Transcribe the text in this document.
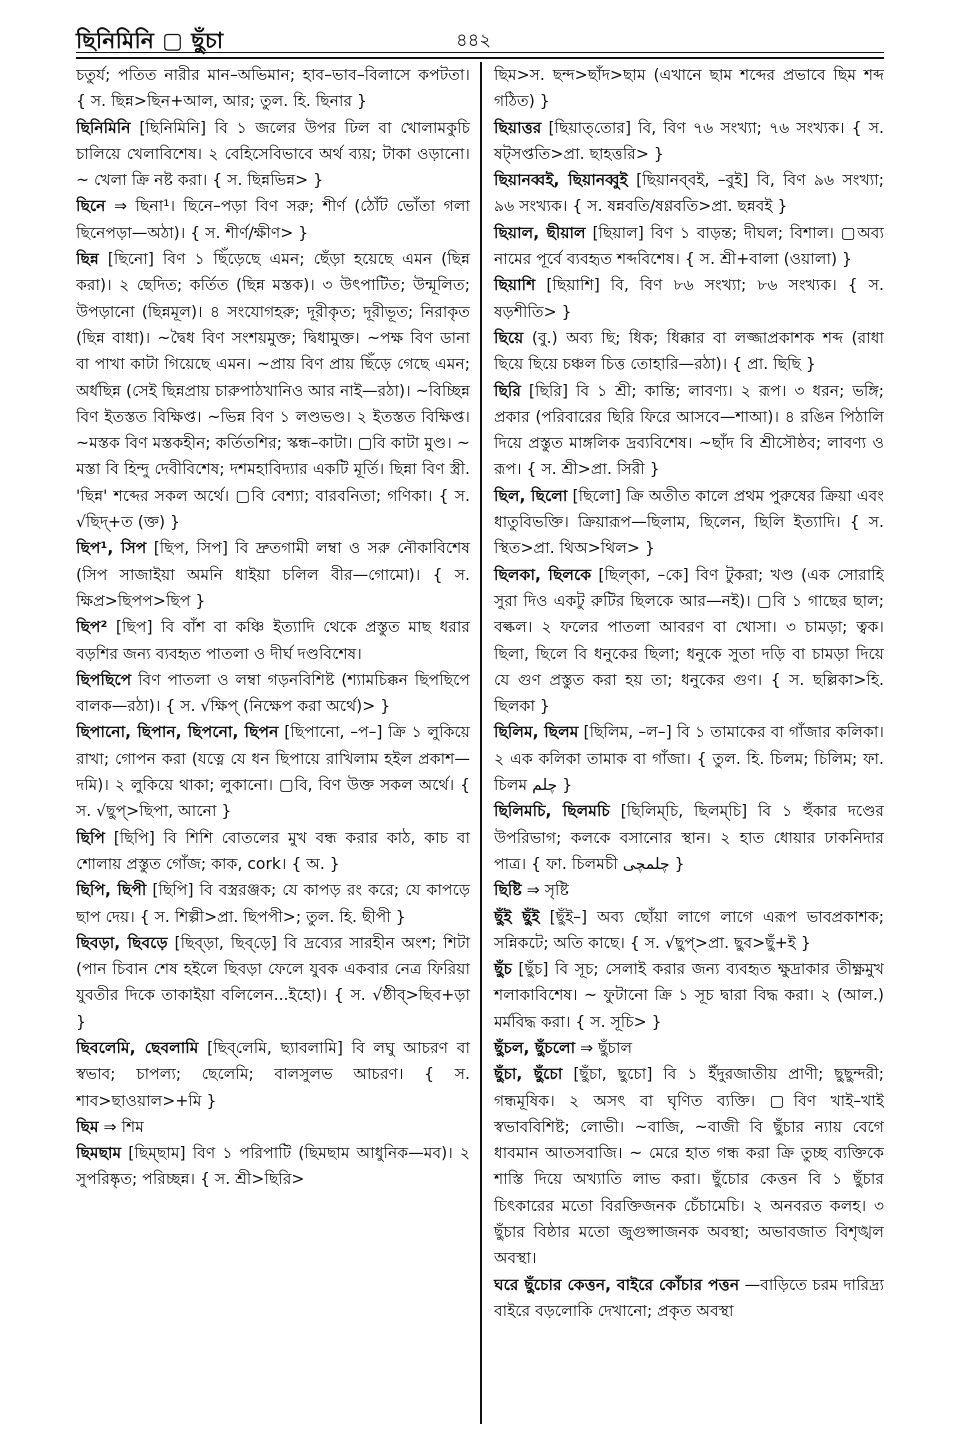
ছিনিমিনি ▢ ছুঁচা	৪৪২
চতুর্য; পতিত নারীর মান–অভিমান; হাব–ভাব–বিলাসে কপটতা। { স. ছিন্ন>ছিন+আল, আর; তুল. হি. ছিনার }
ছিনিমিনি [ছিনিমিনি] বি ১ জলের উপর ঢিল বা খোলামকুচি চালিয়ে খেলাবিশেষ। ২ বেহিসেবিভাবে অর্থ ব্যয়; টাকা ওড়ানো। ~ খেলা ক্রি নষ্ট করা। { স. ছিন্নভিন্ন> }
ছিনে ⇒ ছিনা¹। ছিনে–পড়া বিণ সরু; শীর্ণ (ঠোঁট ভোঁতা গলা ছিনেপড়া—অঠা)। { স. শীর্ণ/ক্ষীণ> }
ছিন্ন [ছিনো] বিণ ১ ছিঁড়েছে এমন; ছেঁড়া হয়েছে এমন (ছিন্ন করা)। ২ ছেদিত; কর্তিত (ছিন্ন মস্তক)। ৩ উৎপাটিত; উন্মূলিত; উপড়ানো (ছিন্নমূল)। ৪ সংযোগহরু; দূরীকৃত; দূরীভূত; নিরাকৃত (ছিন্ন বাধা)। ~দ্বৈধ বিণ সংশয়মুক্ত; দ্বিধামুক্ত। ~পক্ষ বিণ ডানা বা পাখা কাটা গিয়েছে এমন। ~প্রায় বিণ প্রায় ছিঁড়ে গেছে এমন; অর্ধছিন্ন (সেই ছিন্নপ্রায় চারুপাঠখানিও আর নাই—রঠা)। ~বিচ্ছিন্ন বিণ ইতস্তত বিক্ষিপ্ত। ~ভিন্ন বিণ ১ লণ্ডভণ্ড। ২ ইতস্তত বিক্ষিপ্ত। ~মস্তক বিণ মস্তকহীন; কর্তিতশির; স্কন্ধ–কাটা। ▢বি কাটা মুণ্ড। ~ মস্তা বি হিন্দু দেবীবিশেষ; দশমহাবিদ্যার একটি মূর্তি। ছিন্না বিণ স্ত্রী. 'ছিন্ন' শব্দের সকল অর্থে। ▢বি বেশ্যা; বারবনিতা; গণিকা। { স. √ছিদ্+ত (ক্ত) }
ছিপ¹, সিপ [ছিপ, সিপ] বি দ্রুতগামী লম্বা ও সরু নৌকাবিশেষ (সিপ সাজাইয়া অমনি ধাইয়া চলিল বীর—গোমো)। { স. ক্ষিপ্র>ছিপপ>ছিপ }
ছিপ² [ছিপ] বি বাঁশ বা কঞ্চি ইত্যাদি থেকে প্রস্তুত মাছ ধরার বড়শির জন্য ব্যবহৃত পাতলা ও দীর্ঘ দণ্ডবিশেষ।
ছিপছিপে বিণ পাতলা ও লম্বা গড়নবিশিষ্ট (শ্যামচিক্কন ছিপছিপে বালক—রঠা)। { স. √ক্ষিপ্ (নিক্ষেপ করা অর্থে)> }
ছিপানো, ছিপান, ছিপনো, ছিপন [ছিপানো, –প–] ক্রি ১ লুকিয়ে রাখা; গোপন করা (যত্নে যে ধন ছিপায়ে রাখিলাম হইল প্রকাশ—দমি)। ২ লুকিয়ে থাকা; লুকানো। ▢বি, বিণ উক্ত সকল অর্থে। { স. √ছুপ্>ছিপা, আনো }
ছিপি [ছিপি] বি শিশি বোতলের মুখ বন্ধ করার কাঠ, কাচ বা শোলায় প্রস্তুত গোঁজ; কাক, cork। { অ. }
ছিপি, ছিপী [ছিপি] বি বস্ত্ররঞ্জক; যে কাপড় রং করে; যে কাপড়ে ছাপ দেয়। { স. শিল্পী>প্রা. ছিপপী>; তুল. হি. ছীপী }
ছিবড়া, ছিবড়ে [ছিব্‌ড়া, ছিব্‌ড়ে] বি দ্রব্যের সারহীন অংশ; শিটা (পান চিবান শেষ হইলে ছিবড়া ফেলে যুবক একবার নেত্র ফিরিয়া যুবতীর দিকে তাকাইয়া বলিলেন...ইহো)। { স. √ষ্ঠীব্>ছিব+ড়া }
ছিবলেমি, ছেবলামি [ছিব্‌লেমি, ছ্যাবলামি] বি লঘু আচরণ বা স্বভাব; চাপল্য; ছেলেমি; বালসুলভ আচরণ। { স. শাব>ছাওয়াল>+মি }
ছিম ⇒ শিম
ছিমছাম [ছিম্‌ছাম] বিণ ১ পরিপাটি (ছিমছাম আধুনিক—মব)। ২ সুপরিষ্কৃত; পরিচ্ছন্ন। { স. শ্রী>ছিরি>
ছিম>স. ছন্দ>ছাঁদ>ছাম (এখানে ছাম শব্দের প্রভাবে ছিম শব্দ গঠিত) }
ছিয়াত্তর [ছিয়াত্‌তোর] বি, বিণ ৭৬ সংখ্যা; ৭৬ সংখ্যক। { স. ষট্‌সপ্ততি>প্রা. ছাহত্তরি> }
ছিয়ানব্বই, ছিয়ানব্বুই [ছিয়ানব্‌বই, –বুই] বি, বিণ ৯৬ সংখ্যা; ৯৬ সংখ্যক। { স. ষন্নবতি/ষণ্ণবতি>প্রা. ছন্নবই }
ছিয়াল, ছীয়াল [ছিয়াল] বিণ ১ বাড়ন্ত; দীঘল; বিশাল। ▢অব্য নামের পূর্বে ব্যবহৃত শব্দবিশেষ। { স. শ্রী+বালা (ওয়ালা) }
ছিয়াশি [ছিয়াশি] বি, বিণ ৮৬ সংখ্যা; ৮৬ সংখ্যক। { স. ষড়শীতি> }
ছিয়ে (বু.) অব্য ছি; ধিক; ধিক্কার বা লজ্জাপ্রকাশক শব্দ (রাধা ছিয়ে ছিয়ে চঞ্চল চিত্ত তোহারি—রঠা)। { প্রা. ছিছি }
ছিরি [ছিরি] বি ১ শ্রী; কান্তি; লাবণ্য। ২ রূপ। ৩ ধরন; ভঙ্গি; প্রকার (পরিবারের ছিরি ফিরে আসবে—শাআ)। ৪ রঙিন পিঠালি দিয়ে প্রস্তুত মাঙ্গলিক দ্রব্যবিশেষ। ~ছাঁদ বি শ্রীসৌষ্ঠব; লাবণ্য ও রূপ। { স. শ্রী>প্রা. সিরী }
ছিল, ছিলো [ছিলো] ক্রি অতীত কালে প্রথম পুরুষের ক্রিয়া এবং ধাতুবিভক্তি। ক্রিয়ারূপ—ছিলাম, ছিলেন, ছিলি ইত্যাদি। { স. স্থিত>প্রা. থিঅ>থিল> }
ছিলকা, ছিলকে [ছিল্‌কা, –কে] বিণ টুকরা; খণ্ড (এক সোরাহি সুরা দিও একটু রুটির ছিলকে আর—নই)। ▢বি ১ গাছের ছাল; বল্কল। ২ ফলের পাতলা আবরণ বা খোসা। ৩ চামড়া; ত্বক। ছিলা, ছিলে বি ধনুকের ছিলা; ধনুকে সুতা দড়ি বা চামড়া দিয়ে যে গুণ প্রস্তুত করা হয় তা; ধনুকের গুণ। { স. ছল্লিকা>হি. ছিলকা }
ছিলিম, ছিলম [ছিলিম, –ল–] বি ১ তামাকের বা গাঁজার কলিকা। ২ এক কলিকা তামাক বা গাঁজা। { তুল. হি. চিলম; চিলিম; ফা. চিলম چلم }
ছিলিমচি, ছিলমচি [ছিলিম্‌চি, ছিলম্‌চি] বি ১ হুঁকার দণ্ডের উপরিভাগ; কলকে বসানোর স্থান। ২ হাত ধোয়ার ঢাকনিদার পাত্র। { ফা. চিলমচী چلمچی }
ছিষ্টি ⇒ সৃষ্টি
ছুঁই ছুঁই [ছুঁই–] অব্য ছোঁয়া লাগে লাগে এরূপ ভাবপ্রকাশক; সন্নিকটে; অতি কাছে। { স. √ছুপ্>প্রা. ছুব>ছুঁ+ই }
ছুঁচ [ছুঁচ] বি সূচ; সেলাই করার জন্য ব্যবহৃত ক্ষুদ্রাকার তীক্ষ্ণমুখ শলাকাবিশেষ। ~ ফুটানো ক্রি ১ সূচ দ্বারা বিদ্ধ করা। ২ (আল.) মর্মবিদ্ধ করা। { স. সূচি> }
ছুঁচল, ছুঁচলো ⇒ ছুঁচাল
ছুঁচা, ছুঁচো [ছুঁচা, ছুচো] বি ১ ইঁদুরজাতীয় প্রাণী; ছুছুন্দরী; গন্ধমূষিক। ২ অসৎ বা ঘৃণিত ব্যক্তি। ▢বিণ খাই–খাই স্বভাববিশিষ্ট; লোভী। ~বাজি, ~বাজী বি ছুঁচার ন্যায় বেগে ধাবমান আতসবাজি। ~ মেরে হাত গন্ধ করা ক্রি তুচ্ছ ব্যক্তিকে শাস্তি দিয়ে অখ্যাতি লাভ করা। ছুঁচোর কেত্তন বি ১ ছুঁচার চিৎকারের মতো বিরক্তিজনক চেঁচামেচি। ২ অনবরত কলহ। ৩ ছুঁচার বিষ্ঠার মতো জুগুপ্সাজনক অবস্থা; অভাবজাত বিশৃঙ্খল অবস্থা।
ঘরে ছুঁচোর কেত্তন, বাইরে কোঁচার পত্তন —বাড়িতে চরম দারিদ্র্য বাইরে বড়লোকি দেখানো; প্রকৃত অবস্থা
